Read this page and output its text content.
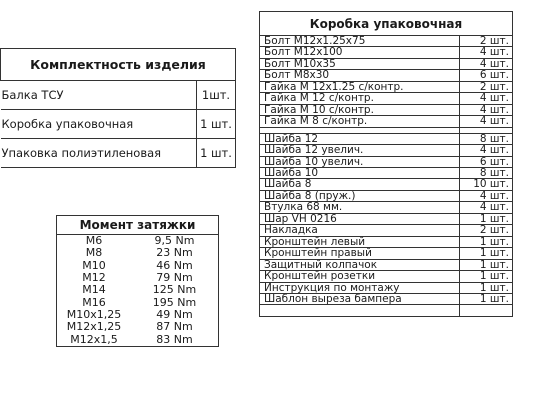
Комплектность изделия	
Балка ТСУ	1шт.
Коробка упаковочная	1 шт.
Упаковка полиэтиленовая	1 шт.
Момент затяжки	
M6	9,5 Nm
M8	23 Nm
M10	46 Nm
M12	79 Nm
M14	125 Nm
M16	195 Nm
M10x1,25	49 Nm
M12x1,25	87 Nm
M12x1,5	83 Nm
Коробка упаковочная	
Болт М12х1.25х75	2 шт.
Болт М12х100	4 шт.
Болт М10х35	4 шт.
Болт М8х30	6 шт.
Гайка М 12х1.25 с/контр.	2 шт.
Гайка М 12 с/контр.	4 шт.
Гайка М 10 с/контр.	4 шт.
Гайка М 8 с/контр.	4 шт.

Шайба 12	8 шт.
Шайба 12 увелич.	4 шт.
Шайба 10 увелич.	6 шт.
Шайба 10	8 шт.
Шайба 8	10 шт.
Шайба 8 (пруж.)	4 шт.
Втулка 68 мм.	4 шт.
Шар VH 0216	1 шт.
Накладка	2 шт.
Кронштейн левый	1 шт.
Кронштейн правый	1 шт.
Защитный колпачок	1 шт.
Кронштейн розетки	1 шт.
Инструкция по монтажу	1 шт.
Шаблон выреза бампера	1 шт.
